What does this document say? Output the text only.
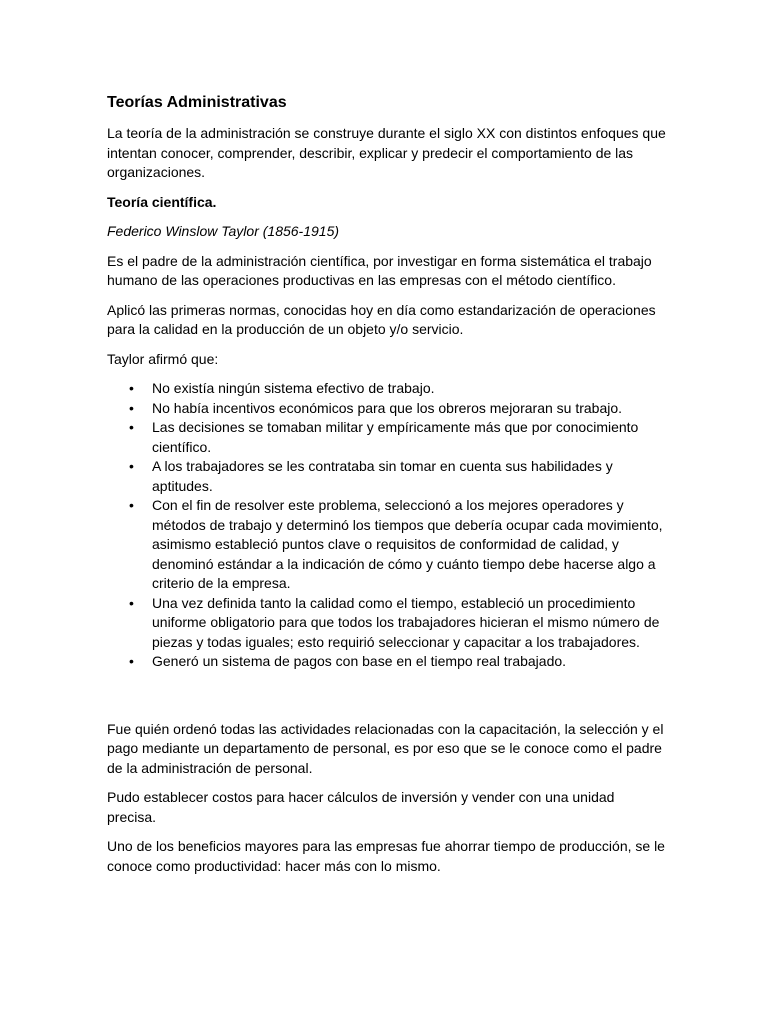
Teorías Administrativas

La teoría de la administración se construye durante el siglo XX con distintos enfoques que intentan conocer, comprender, describir, explicar y predecir el comportamiento de las organizaciones.

Teoría científica.

Federico Winslow Taylor (1856-1915)

Es el padre de la administración científica, por investigar en forma sistemática el trabajo humano de las operaciones productivas en las empresas con el método científico.

Aplicó las primeras normas, conocidas hoy en día como estandarización de operaciones para la calidad en la producción de un objeto y/o servicio.

Taylor afirmó que:

• No existía ningún sistema efectivo de trabajo.
• No había incentivos económicos para que los obreros mejoraran su trabajo.
• Las decisiones se tomaban militar y empíricamente más que por conocimiento científico.
• A los trabajadores se les contrataba sin tomar en cuenta sus habilidades y aptitudes.
• Con el fin de resolver este problema, seleccionó a los mejores operadores y métodos de trabajo y determinó los tiempos que debería ocupar cada movimiento, asimismo estableció puntos clave o requisitos de conformidad de calidad, y denominó estándar a la indicación de cómo y cuánto tiempo debe hacerse algo a criterio de la empresa.
• Una vez definida tanto la calidad como el tiempo, estableció un procedimiento uniforme obligatorio para que todos los trabajadores hicieran el mismo número de piezas y todas iguales; esto requirió seleccionar y capacitar a los trabajadores.
• Generó un sistema de pagos con base en el tiempo real trabajado.

Fue quién ordenó todas las actividades relacionadas con la capacitación, la selección y el pago mediante un departamento de personal, es por eso que se le conoce como el padre de la administración de personal.

Pudo establecer costos para hacer cálculos de inversión y vender con una unidad precisa.

Uno de los beneficios mayores para las empresas fue ahorrar tiempo de producción, se le conoce como productividad: hacer más con lo mismo.
